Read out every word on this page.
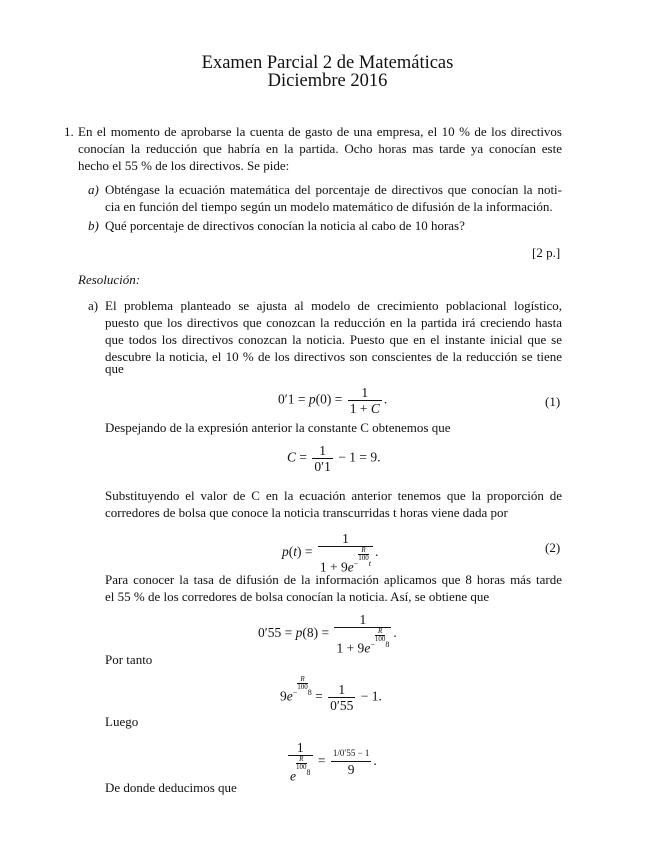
Examen Parcial 2 de Matemáticas
Diciembre 2016
1. En el momento de aprobarse la cuenta de gasto de una empresa, el 10 % de los directivos
conocían la reducción que habría en la partida. Ocho horas mas tarde ya conocían este
hecho el 55 % de los directivos. Se pide:
a) Obténgase la ecuación matemática del porcentaje de directivos que conocían la noti-
cia en función del tiempo según un modelo matemático de difusión de la información.
b) Qué porcentaje de directivos conocían la noticia al cabo de 10 horas?
[2 p.]
Resolución:
a) El problema planteado se ajusta al modelo de crecimiento poblacional logístico,
puesto que los directivos que conozcan la reducción en la partida irá creciendo hasta
que todos los directivos conozcan la noticia. Puesto que en el instante inicial que se
descubre la noticia, el 10 % de los directivos son conscientes de la reducción se tiene
que
$0'1 = p(0) = \frac{1}{1 + C}$ .	(1)
Despejando de la expresión anterior la constante C obtenemos que
$C = \frac{1}{0'1} - 1 = 9$.
Substituyendo el valor de C en la ecuación anterior tenemos que la proporción de
corredores de bolsa que conoce la noticia transcurridas t horas viene dada por
p(t) = 1
$1 + 9e^{- \frac{R}{100} t}$ .	(2)
Para conocer la tasa de difusión de la información aplicamos que 8 horas más tarde
el 55 % de los corredores de bolsa conocían la noticia. Así, se obtiene que
0′55 = p(8) = 1
$1 + 9e^{- \frac{R}{100} 8}$ .
Por tanto
$9e^{- \frac{R}{100} 8} = \frac{1}{0'55} - 1$.
Luego
1
e
$^{\frac{R}{100} 8} = \frac{1/0'55 - 1}{9}$ .
De donde deducimos que
